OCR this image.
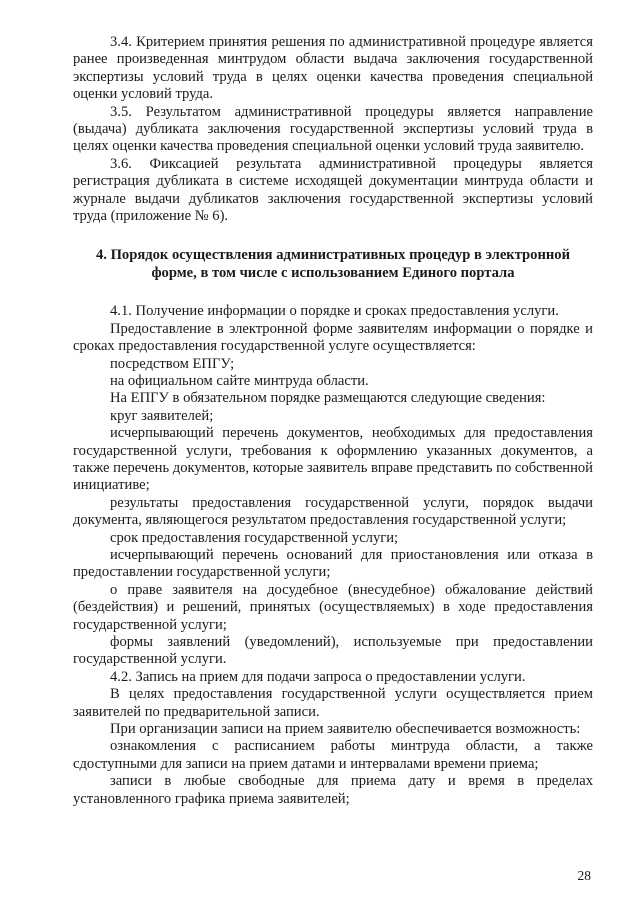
3.4. Критерием принятия решения по административной процедуре является ранее произведенная минтрудом области выдача заключения государственной экспертизы условий труда в целях оценки качества проведения специальной оценки условий труда.

3.5. Результатом административной процедуры является направление (выдача) дубликата заключения государственной экспертизы условий труда в целях оценки качества проведения специальной оценки условий труда заявителю.

3.6. Фиксацией результата административной процедуры является регистрация дубликата в системе исходящей документации минтруда области и журнале выдачи дубликатов заключения государственной экспертизы условий труда (приложение № 6).

4. Порядок осуществления административных процедур в электронной форме, в том числе с использованием Единого портала

4.1. Получение информации о порядке и сроках предоставления услуги.

Предоставление в электронной форме заявителям информации о порядке и сроках предоставления государственной услуге осуществляется:

посредством ЕПГУ;

на официальном сайте минтруда области.

На ЕПГУ в обязательном порядке размещаются следующие сведения:

круг заявителей;

исчерпывающий перечень документов, необходимых для предоставления государственной услуги, требования к оформлению указанных документов, а также перечень документов, которые заявитель вправе представить по собственной инициативе;

результаты предоставления государственной услуги, порядок выдачи документа, являющегося результатом предоставления государственной услуги;

срок предоставления государственной услуги;

исчерпывающий перечень оснований для приостановления или отказа в предоставлении государственной услуги;

о праве заявителя на досудебное (внесудебное) обжалование действий (бездействия) и решений, принятых (осуществляемых) в ходе предоставления государственной услуги;

формы заявлений (уведомлений), используемые при предоставлении государственной услуги.

4.2. Запись на прием для подачи запроса о предоставлении услуги.

В целях предоставления государственной услуги осуществляется прием заявителей по предварительной записи.

При организации записи на прием заявителю обеспечивается возможность:

ознакомления с расписанием работы минтруда области, а также сдоступными для записи на прием датами и интервалами времени приема;

записи в любые свободные для приема дату и время в пределах установленного графика приема заявителей;

28
